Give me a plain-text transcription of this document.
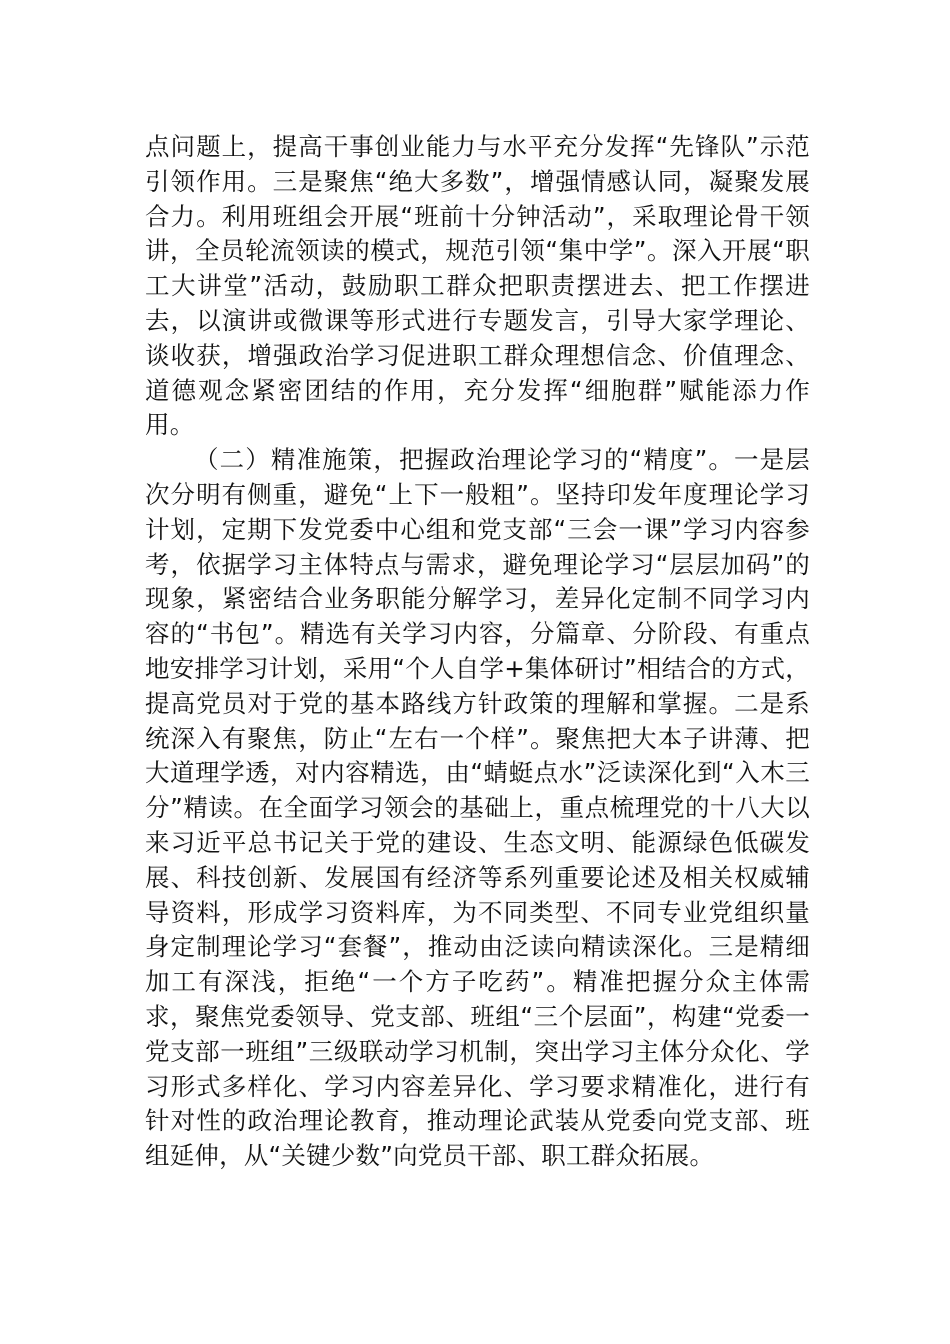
点问题上，提高干事创业能力与水平充分发挥“先锋队”示范引领作用。三是聚焦“绝大多数”，增强情感认同，凝聚发展合力。利用班组会开展“班前十分钟活动”，采取理论骨干领讲，全员轮流领读的模式，规范引领“集中学”。深入开展“职工大讲堂”活动，鼓励职工群众把职责摆进去、把工作摆进去，以演讲或微课等形式进行专题发言，引导大家学理论、谈收获，增强政治学习促进职工群众理想信念、价值理念、道德观念紧密团结的作用，充分发挥“细胞群”赋能添力作用。

（二）精准施策，把握政治理论学习的“精度”。一是层次分明有侧重，避免“上下一般粗”。坚持印发年度理论学习计划，定期下发党委中心组和党支部“三会一课”学习内容参考，依据学习主体特点与需求，避免理论学习“层层加码”的现象，紧密结合业务职能分解学习，差异化定制不同学习内容的“书包”。精选有关学习内容，分篇章、分阶段、有重点地安排学习计划，采用“个人自学+集体研讨”相结合的方式，提高党员对于党的基本路线方针政策的理解和掌握。二是系统深入有聚焦，防止“左右一个样”。聚焦把大本子讲薄、把大道理学透，对内容精选，由“蜻蜓点水”泛读深化到“入木三分”精读。在全面学习领会的基础上，重点梳理党的十八大以来习近平总书记关于党的建设、生态文明、能源绿色低碳发展、科技创新、发展国有经济等系列重要论述及相关权威辅导资料，形成学习资料库，为不同类型、不同专业党组织量身定制理论学习“套餐”，推动由泛读向精读深化。三是精细加工有深浅，拒绝“一个方子吃药”。精准把握分众主体需求，聚焦党委领导、党支部、班组“三个层面”，构建“党委一党支部一班组”三级联动学习机制，突出学习主体分众化、学习形式多样化、学习内容差异化、学习要求精准化，进行有针对性的政治理论教育，推动理论武装从党委向党支部、班组延伸，从“关键少数”向党员干部、职工群众拓展。
